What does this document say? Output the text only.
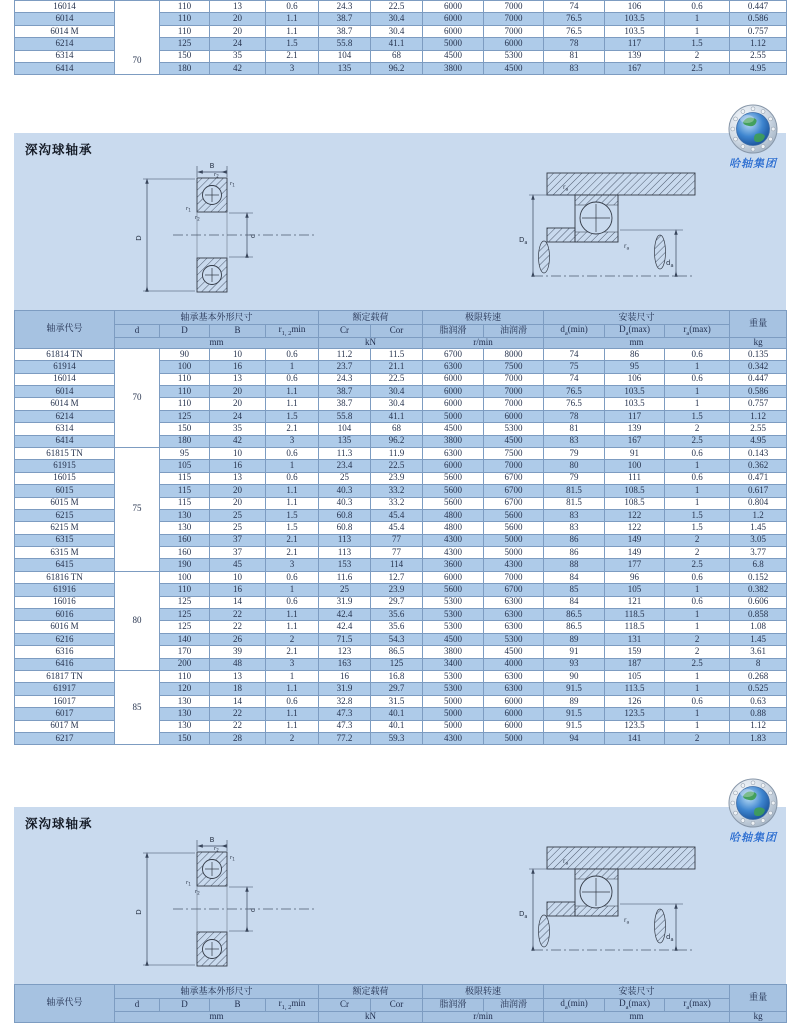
16014	70	110	13	0.6	24.3	22.5	6000	7000	74	106	0.6	0.447
6014		110	20	1.1	38.7	30.4	6000	7000	76.5	103.5	1	0.586
6014 M		110	20	1.1	38.7	30.4	6000	7000	76.5	103.5	1	0.757
6214		125	24	1.5	55.8	41.1	5000	6000	78	117	1.5	1.12
6314		150	35	2.1	104	68	4500	5300	81	139	2	2.55
6414		180	42	3	135	96.2	3800	4500	83	167	2.5	4.95
深沟球轴承
B
D	d
$r_2$
$r_1$
$r_1$
$r_2$
$D_a$
$d_a$
$r_a$
$r_a$
轴承代号	轴承基本外形尺寸				额定载荷		极限转速		安装尺寸			重量
	d	D	B	$r_{1, 2}\min$	Cr	Cor	脂润滑	油润滑	$d_a(\min)$	$D_a(\max)$	$r_a(\max)$	
	mm				kN		r/min		mm			kg
61814 TN	70	90	10	0.6	11.2	11.5	6700	8000	74	86	0.6	0.135
61914		100	16	1	23.7	21.1	6300	7500	75	95	1	0.342
16014		110	13	0.6	24.3	22.5	6000	7000	74	106	0.6	0.447
6014		110	20	1.1	38.7	30.4	6000	7000	76.5	103.5	1	0.586
6014 M		110	20	1.1	38.7	30.4	6000	7000	76.5	103.5	1	0.757
6214		125	24	1.5	55.8	41.1	5000	6000	78	117	1.5	1.12
6314		150	35	2.1	104	68	4500	5300	81	139	2	2.55
6414		180	42	3	135	96.2	3800	4500	83	167	2.5	4.95
61815 TN	75	95	10	0.6	11.3	11.9	6300	7500	79	91	0.6	0.143
61915		105	16	1	23.4	22.5	6000	7000	80	100	1	0.362
16015		115	13	0.6	25	23.9	5600	6700	79	111	0.6	0.471
6015		115	20	1.1	40.3	33.2	5600	6700	81.5	108.5	1	0.617
6015 M		115	20	1.1	40.3	33.2	5600	6700	81.5	108.5	1	0.804
6215		130	25	1.5	60.8	45.4	4800	5600	83	122	1.5	1.2
6215 M		130	25	1.5	60.8	45.4	4800	5600	83	122	1.5	1.45
6315		160	37	2.1	113	77	4300	5000	86	149	2	3.05
6315 M		160	37	2.1	113	77	4300	5000	86	149	2	3.77
6415		190	45	3	153	114	3600	4300	88	177	2.5	6.8
61816 TN	80	100	10	0.6	11.6	12.7	6000	7000	84	96	0.6	0.152
61916		110	16	1	25	23.9	5600	6700	85	105	1	0.382
16016		125	14	0.6	31.9	29.7	5300	6300	84	121	0.6	0.606
6016		125	22	1.1	42.4	35.6	5300	6300	86.5	118.5	1	0.858
6016 M		125	22	1.1	42.4	35.6	5300	6300	86.5	118.5	1	1.08
6216		140	26	2	71.5	54.3	4500	5300	89	131	2	1.45
6316		170	39	2.1	123	86.5	3800	4500	91	159	2	3.61
6416		200	48	3	163	125	3400	4000	93	187	2.5	8
61817 TN	85	110	13	1	16	16.8	5300	6300	90	105	1	0.268
61917		120	18	1.1	31.9	29.7	5300	6300	91.5	113.5	1	0.525
16017		130	14	0.6	32.8	31.5	5000	6000	89	126	0.6	0.63
6017		130	22	1.1	47.3	40.1	5000	6000	91.5	123.5	1	0.88
6017 M		130	22	1.1	47.3	40.1	5000	6000	91.5	123.5	1	1.12
6217		150	28	2	77.2	59.3	4300	5000	94	141	2	1.83
深沟球轴承
轴承代号	轴承基本外形尺寸				额定载荷		极限转速		安装尺寸			重量
	d	D	B	$r_{1, 2}\min$	Cr	Cor	脂润滑	油润滑	$d_a(\min)$	$D_a(\max)$	$r_a(\max)$	
	mm				kN		r/min		mm			kg
哈轴集团
哈轴集团
